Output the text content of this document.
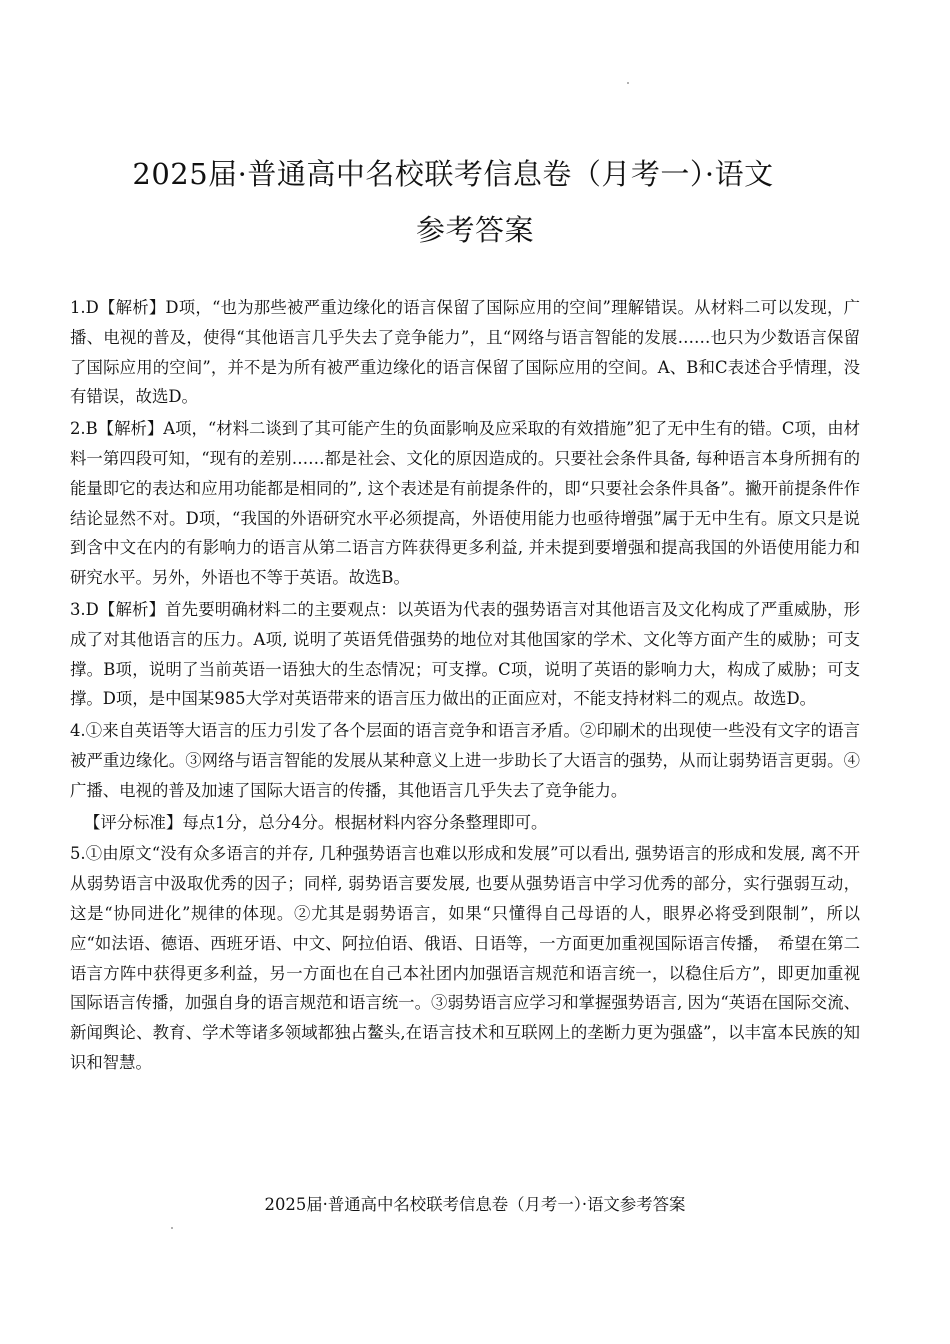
2025届·普通高中名校联考信息卷（月考一）·语文
参考答案

1.D【解析】D项，“也为那些被严重边缘化的语言保留了国际应用的空间”理解错误。从材料二可以发现，广播、电视的普及，使得“其他语言几乎失去了竞争能力”，且“网络与语言智能的发展……也只为少数语言保留了国际应用的空间”，并不是为所有被严重边缘化的语言保留了国际应用的空间。A、B和C表述合乎情理，没有错误，故选D。

2.B【解析】A项，“材料二谈到了其可能产生的负面影响及应采取的有效措施”犯了无中生有的错。C项，由材料一第四段可知，“现有的差别……都是社会、文化的原因造成的。只要社会条件具备, 每种语言本身所拥有的能量即它的表达和应用功能都是相同的”, 这个表述是有前提条件的，即“只要社会条件具备”。撇开前提条件作结论显然不对。D项，“我国的外语研究水平必须提高，外语使用能力也亟待增强”属于无中生有。原文只是说到含中文在内的有影响力的语言从第二语言方阵获得更多利益, 并未提到要增强和提高我国的外语使用能力和研究水平。另外，外语也不等于英语。故选B。

3.D【解析】首先要明确材料二的主要观点：以英语为代表的强势语言对其他语言及文化构成了严重威胁，形成了对其他语言的压力。A项, 说明了英语凭借强势的地位对其他国家的学术、文化等方面产生的威胁；可支撑。B项，说明了当前英语一语独大的生态情况；可支撑。C项，说明了英语的影响力大，构成了威胁；可支撑。D项，是中国某985大学对英语带来的语言压力做出的正面应对，不能支持材料二的观点。故选D。

4.①来自英语等大语言的压力引发了各个层面的语言竞争和语言矛盾。②印刷术的出现使一些没有文字的语言被严重边缘化。③网络与语言智能的发展从某种意义上进一步助长了大语言的强势，从而让弱势语言更弱。④广播、电视的普及加速了国际大语言的传播，其他语言几乎失去了竞争能力。

【评分标准】每点1分，总分4分。根据材料内容分条整理即可。

5.①由原文“没有众多语言的并存, 几种强势语言也难以形成和发展”可以看出, 强势语言的形成和发展, 离不开从弱势语言中汲取优秀的因子；同样, 弱势语言要发展, 也要从强势语言中学习优秀的部分，实行强弱互动，这是“协同进化”规律的体现。②尤其是弱势语言，如果“只懂得自己母语的人，眼界必将受到限制”，所以应“如法语、德语、西班牙语、中文、阿拉伯语、俄语、日语等，一方面更加重视国际语言传播，　希望在第二语言方阵中获得更多利益，另一方面也在自己本社团内加强语言规范和语言统一，以稳住后方”，即更加重视国际语言传播，加强自身的语言规范和语言统一。③弱势语言应学习和掌握强势语言, 因为“英语在国际交流、新闻舆论、教育、学术等诸多领域都独占鳌头,在语言技术和互联网上的垄断力更为强盛”，以丰富本民族的知识和智慧。

2025届·普通高中名校联考信息卷（月考一）·语文参考答案
